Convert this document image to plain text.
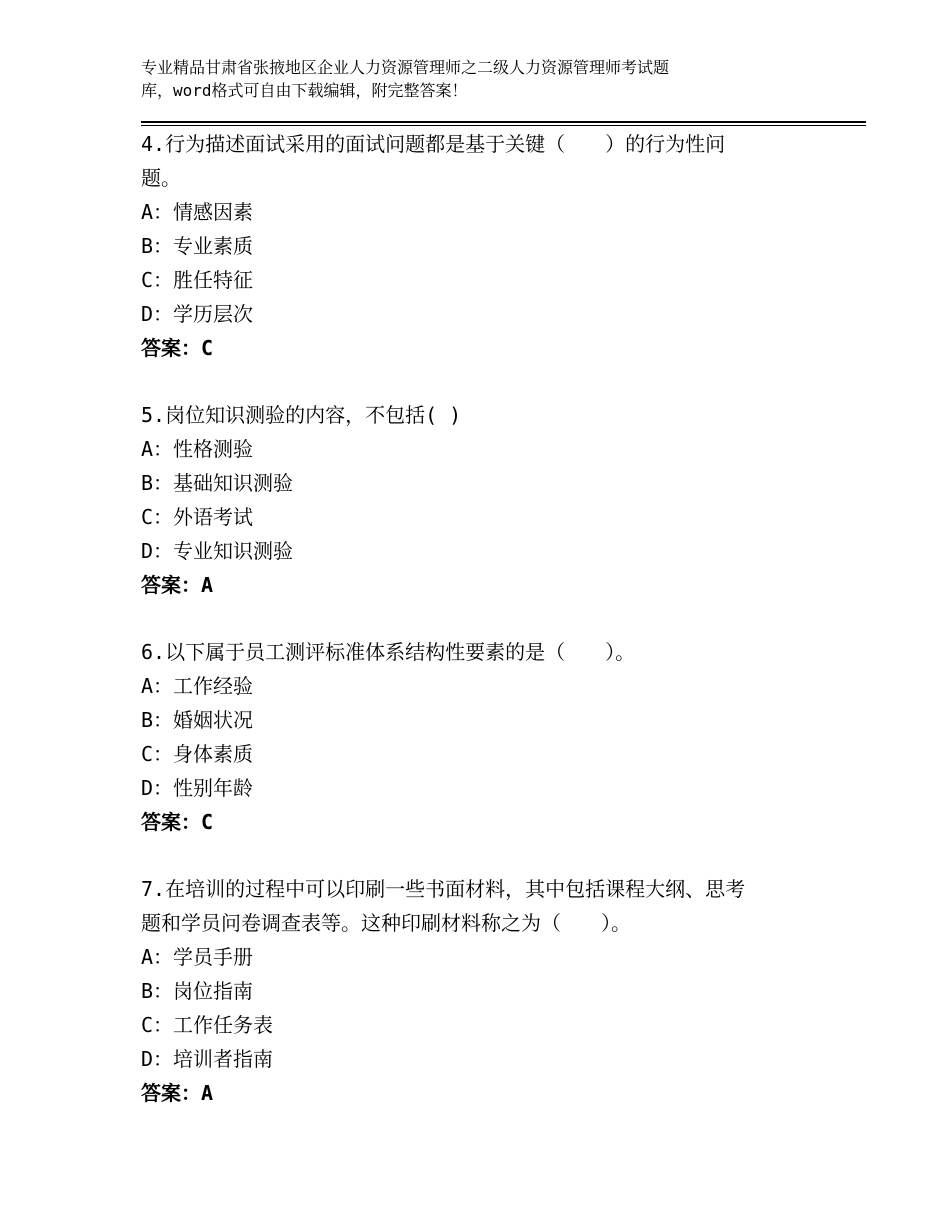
专业精品甘肃省张掖地区企业人力资源管理师之二级人力资源管理师考试题
库，word格式可自由下载编辑，附完整答案！
4.行为描述面试采用的面试问题都是基于关键（　　）的行为性问
题。
A：情感因素
B：专业素质
C：胜任特征
D：学历层次
答案：C
5.岗位知识测验的内容，不包括( )
A：性格测验
B：基础知识测验
C：外语考试
D：专业知识测验
答案：A
6.以下属于员工测评标准体系结构性要素的是（　　）。
A：工作经验
B：婚姻状况
C：身体素质
D：性别年龄
答案：C
7.在培训的过程中可以印刷一些书面材料，其中包括课程大纲、思考
题和学员问卷调查表等。这种印刷材料称之为（　　）。
A：学员手册
B：岗位指南
C：工作任务表
D：培训者指南
答案：A
